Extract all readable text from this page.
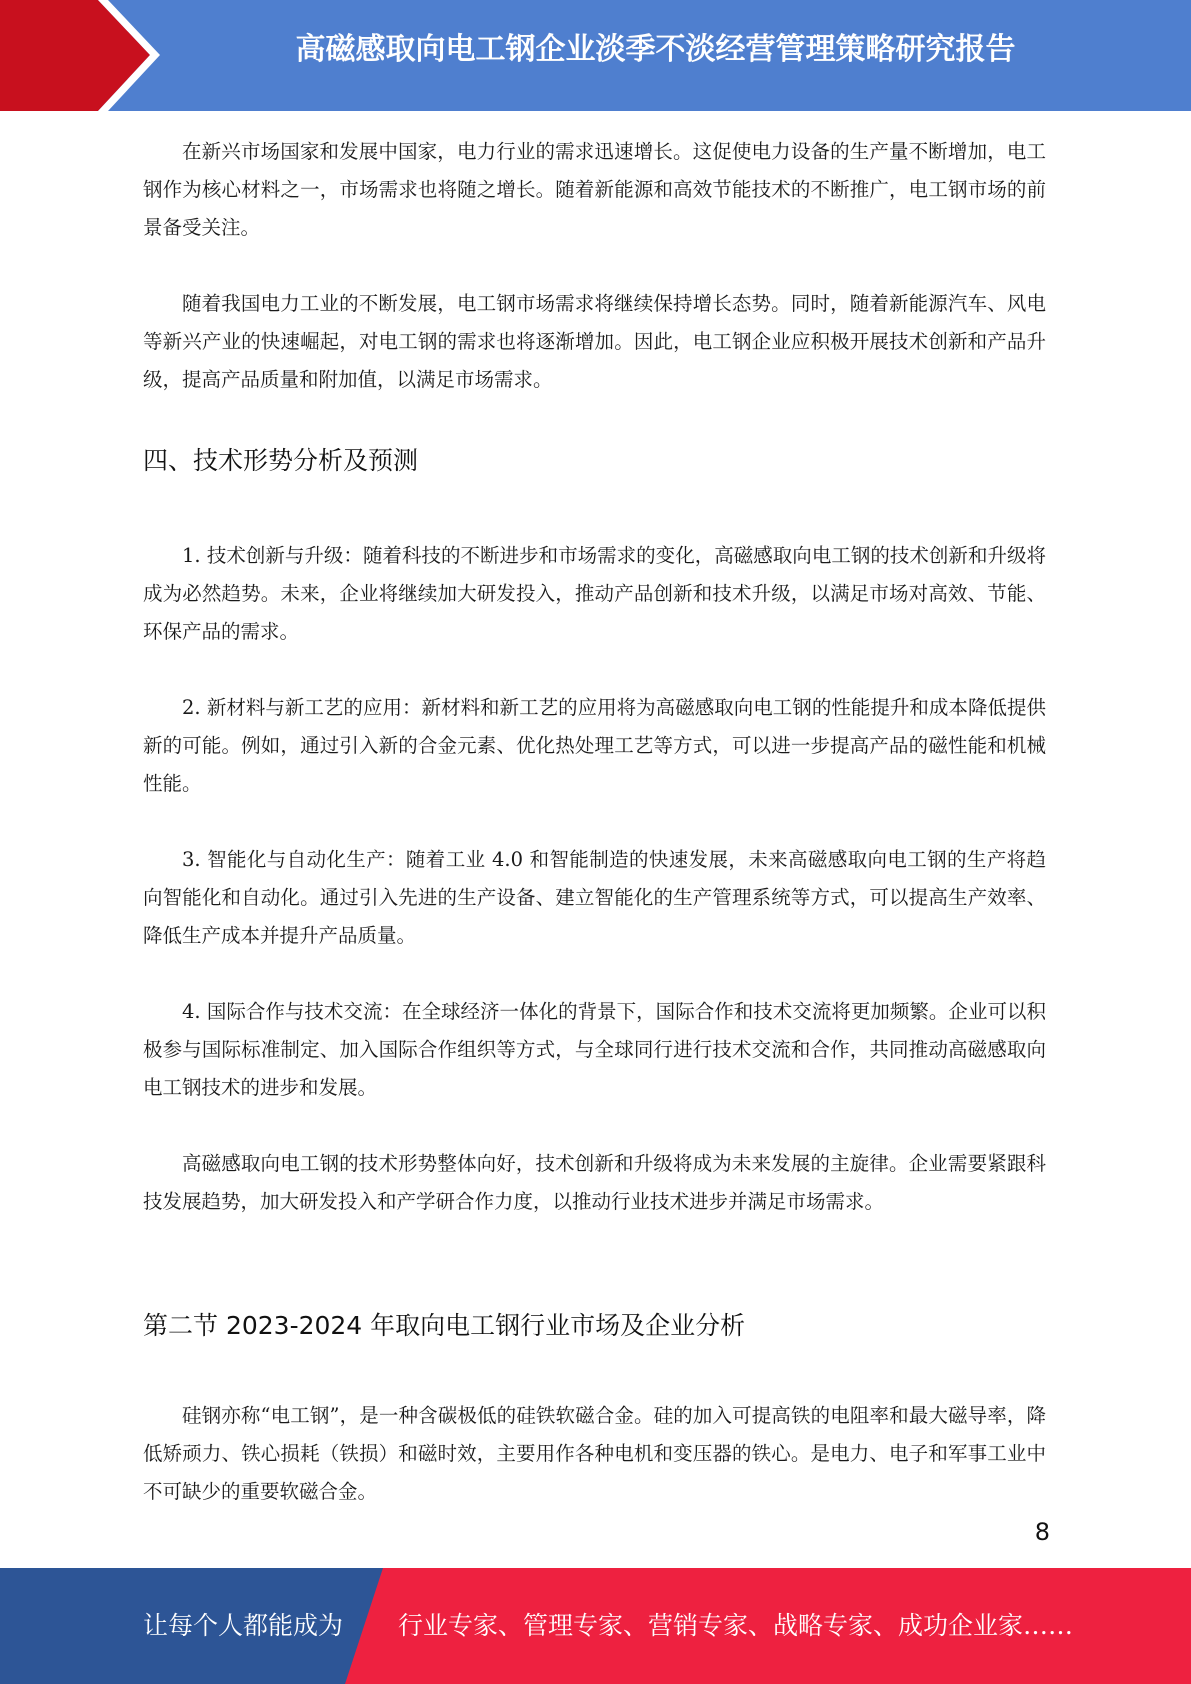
高磁感取向电工钢企业淡季不淡经营管理策略研究报告

在新兴市场国家和发展中国家，电力行业的需求迅速增长。这促使电力设备的生产量不断增加，电工钢作为核心材料之一，市场需求也将随之增长。随着新能源和高效节能技术的不断推广，电工钢市场的前景备受关注。

随着我国电力工业的不断发展，电工钢市场需求将继续保持增长态势。同时，随着新能源汽车、风电等新兴产业的快速崛起，对电工钢的需求也将逐渐增加。因此，电工钢企业应积极开展技术创新和产品升级，提高产品质量和附加值，以满足市场需求。

四、技术形势分析及预测

1. 技术创新与升级：随着科技的不断进步和市场需求的变化，高磁感取向电工钢的技术创新和升级将成为必然趋势。未来，企业将继续加大研发投入，推动产品创新和技术升级，以满足市场对高效、节能、环保产品的需求。

2. 新材料与新工艺的应用：新材料和新工艺的应用将为高磁感取向电工钢的性能提升和成本降低提供新的可能。例如，通过引入新的合金元素、优化热处理工艺等方式，可以进一步提高产品的磁性能和机械性能。

3. 智能化与自动化生产：随着工业 4.0 和智能制造的快速发展，未来高磁感取向电工钢的生产将趋向智能化和自动化。通过引入先进的生产设备、建立智能化的生产管理系统等方式，可以提高生产效率、降低生产成本并提升产品质量。

4. 国际合作与技术交流：在全球经济一体化的背景下，国际合作和技术交流将更加频繁。企业可以积极参与国际标准制定、加入国际合作组织等方式，与全球同行进行技术交流和合作，共同推动高磁感取向电工钢技术的进步和发展。

高磁感取向电工钢的技术形势整体向好，技术创新和升级将成为未来发展的主旋律。企业需要紧跟科技发展趋势，加大研发投入和产学研合作力度，以推动行业技术进步并满足市场需求。

第二节 2023-2024 年取向电工钢行业市场及企业分析

硅钢亦称“电工钢”，是一种含碳极低的硅铁软磁合金。硅的加入可提高铁的电阻率和最大磁导率，降低矫顽力、铁心损耗（铁损）和磁时效，主要用作各种电机和变压器的铁心。是电力、电子和军事工业中不可缺少的重要软磁合金。

8
让每个人都能成为 行业专家、管理专家、营销专家、战略专家、成功企业家……
